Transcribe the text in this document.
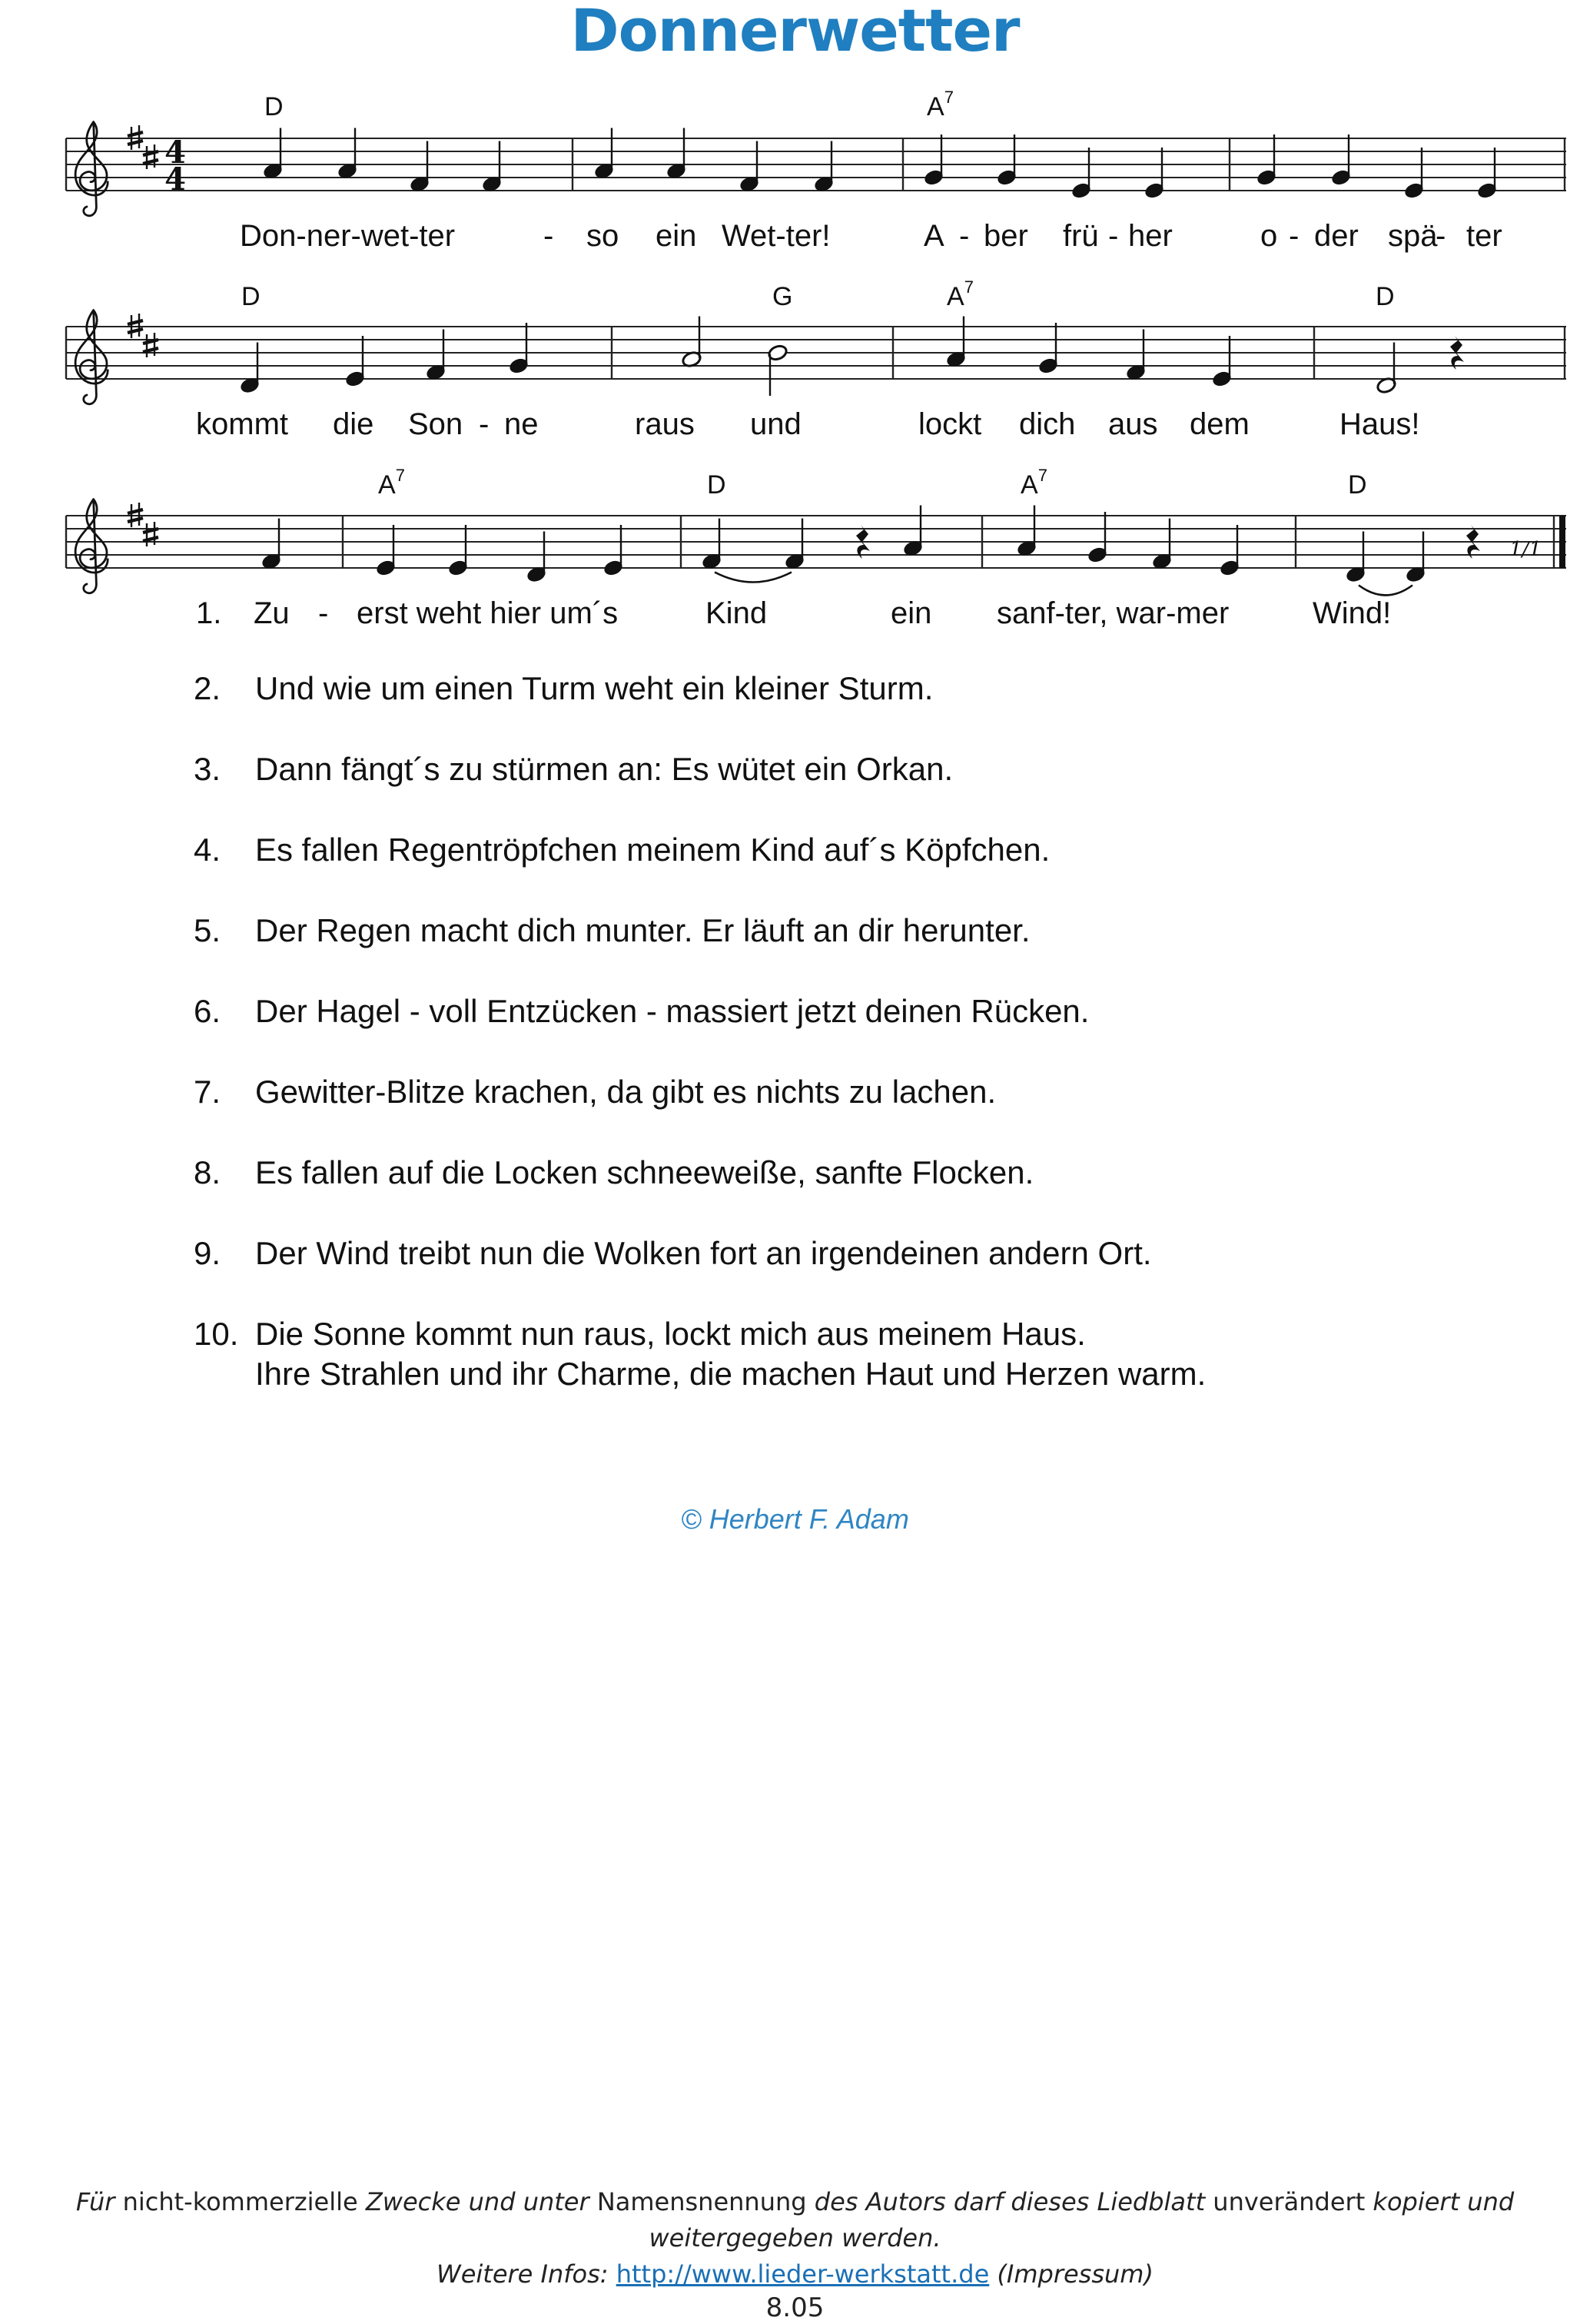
Donnerwetter
4
4
1/1
D	$A^7$
D	G	$A^7$	D
$A^7$	D	$A^7$	D
Don-ner-wet-ter	- so ein Wet-ter!	A - ber frü - her	o - der spä
- ter
kommt die Son - ne	raus und	lockt dich aus dem	Haus!
1. Zu - erst weht hier um´s	Kind	ein sanf-ter, war-mer	Wind!
2.	Und wie um einen Turm weht ein kleiner Sturm.
3.	Dann fängt´s zu stürmen an: Es wütet ein Orkan.
4.	Es fallen Regentröpfchen meinem Kind auf´s Köpfchen.
5.	Der Regen macht dich munter. Er läuft an dir herunter.
6.	Der Hagel - voll Entzücken - massiert jetzt deinen Rücken.
7.	Gewitter-Blitze krachen, da gibt es nichts zu lachen.
8.	Es fallen auf die Locken schneeweiße, sanfte Flocken.
9.	Der Wind treibt nun die Wolken fort an irgendeinen andern Ort.
10. Die Sonne kommt nun raus, lockt mich aus meinem Haus.
Ihre Strahlen und ihr Charme, die machen Haut und Herzen warm.
© Herbert F. Adam
Für nicht-kommerzielle Zwecke und unter Namensnennung des Autors darf dieses Liedblatt unverändert kopiert und weitergegeben werden.
Weitere Infos: http://www.lieder-werkstatt.de (Impressum)
8.05
